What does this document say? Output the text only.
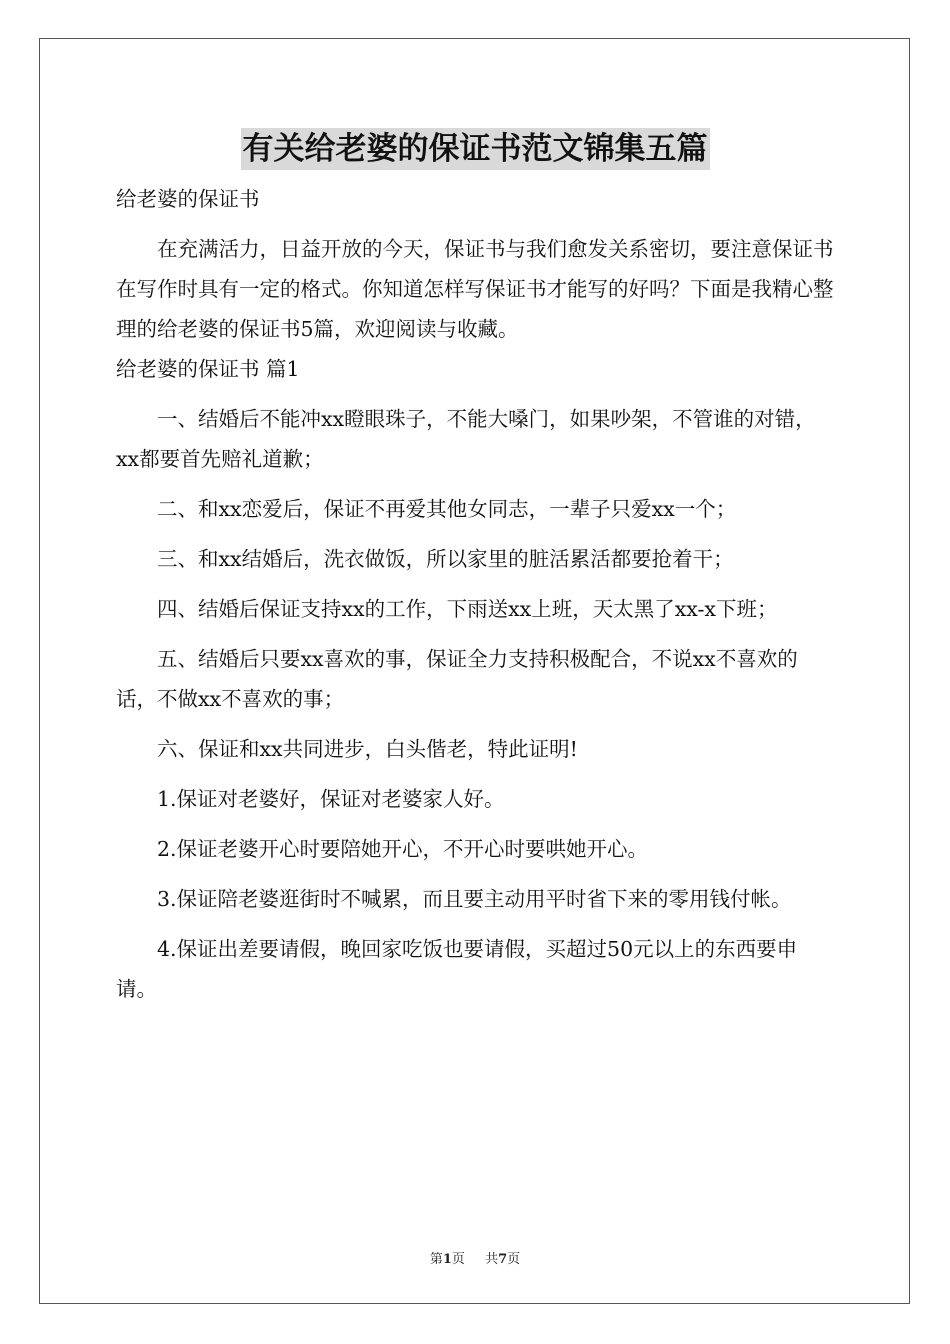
有关给老婆的保证书范文锦集五篇

给老婆的保证书

在充满活力，日益开放的今天，保证书与我们愈发关系密切，要注意保证书在写作时具有一定的格式。你知道怎样写保证书才能写的好吗？下面是我精心整理的给老婆的保证书5篇，欢迎阅读与收藏。

给老婆的保证书 篇1

一、结婚后不能冲xx瞪眼珠子，不能大嗓门，如果吵架，不管谁的对错，xx都要首先赔礼道歉；

二、和xx恋爱后，保证不再爱其他女同志，一辈子只爱xx一个；

三、和xx结婚后，洗衣做饭，所以家里的脏活累活都要抢着干；

四、结婚后保证支持xx的工作，下雨送xx上班，天太黑了xx-x下班；

五、结婚后只要xx喜欢的事，保证全力支持积极配合，不说xx不喜欢的话，不做xx不喜欢的事；

六、保证和xx共同进步，白头偕老，特此证明!

1.保证对老婆好，保证对老婆家人好。

2.保证老婆开心时要陪她开心，不开心时要哄她开心。

3.保证陪老婆逛街时不喊累，而且要主动用平时省下来的零用钱付帐。

4.保证出差要请假，晚回家吃饭也要请假，买超过50元以上的东西要申请。

第1页 共7页
